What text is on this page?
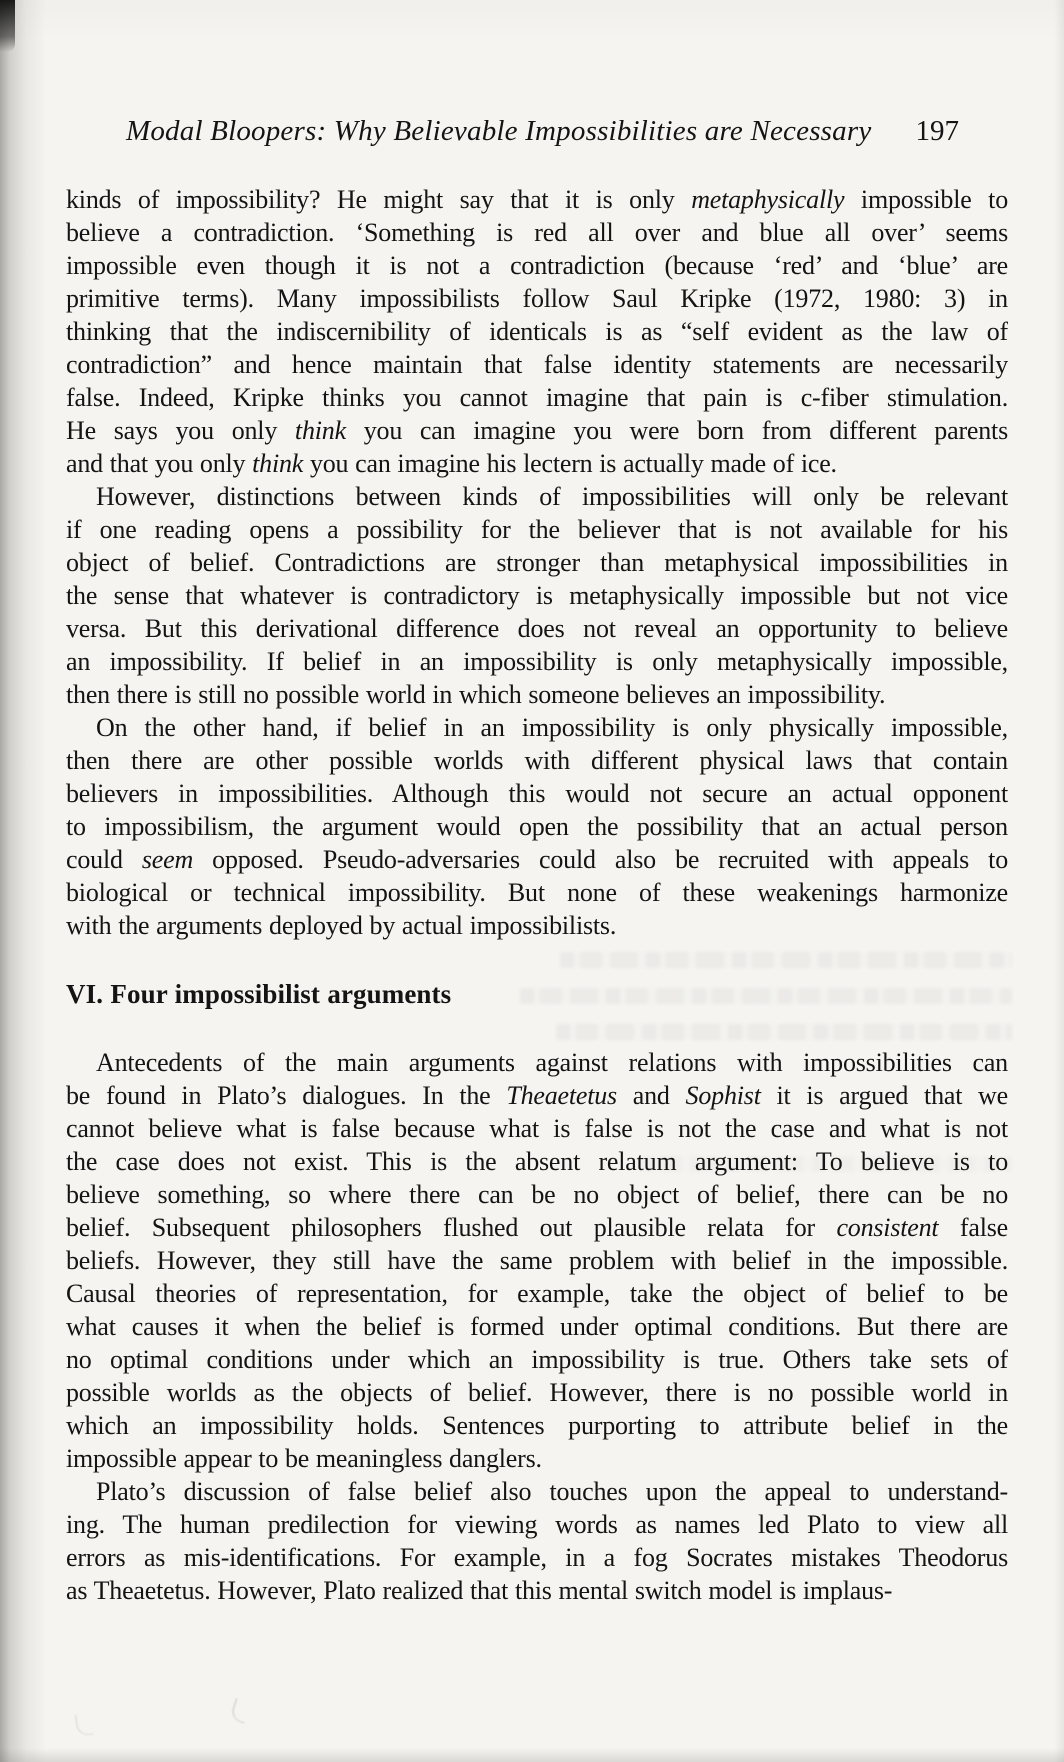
Modal Bloopers: Why Believable Impossibilities are Necessary 197
kinds of impossibility? He might say that it is only metaphysically impossible to
believe a contradiction. ‘Something is red all over and blue all over’ seems
impossible even though it is not a contradiction (because ‘red’ and ‘blue’ are
primitive terms). Many impossibilists follow Saul Kripke (1972, 1980: 3) in
thinking that the indiscernibility of identicals is as “self evident as the law of
contradiction” and hence maintain that false identity statements are necessarily
false. Indeed, Kripke thinks you cannot imagine that pain is c-fiber stimulation.
He says you only think you can imagine you were born from different parents
and that you only think you can imagine his lectern is actually made of ice.
However, distinctions between kinds of impossibilities will only be relevant
if one reading opens a possibility for the believer that is not available for his
object of belief. Contradictions are stronger than metaphysical impossibilities in
the sense that whatever is contradictory is metaphysically impossible but not vice
versa. But this derivational difference does not reveal an opportunity to believe
an impossibility. If belief in an impossibility is only metaphysically impossible,
then there is still no possible world in which someone believes an impossibility.
On the other hand, if belief in an impossibility is only physically impossible,
then there are other possible worlds with different physical laws that contain
believers in impossibilities. Although this would not secure an actual opponent
to impossibilism, the argument would open the possibility that an actual person
could seem opposed. Pseudo-adversaries could also be recruited with appeals to
biological or technical impossibility. But none of these weakenings harmonize
with the arguments deployed by actual impossibilists.
VI. Four impossibilist arguments
Antecedents of the main arguments against relations with impossibilities can
be found in Plato’s dialogues. In the Theaetetus and Sophist it is argued that we
cannot believe what is false because what is false is not the case and what is not
the case does not exist. This is the absent relatum argument: To believe is to
believe something, so where there can be no object of belief, there can be no
belief. Subsequent philosophers flushed out plausible relata for consistent false
beliefs. However, they still have the same problem with belief in the impossible.
Causal theories of representation, for example, take the object of belief to be
what causes it when the belief is formed under optimal conditions. But there are
no optimal conditions under which an impossibility is true. Others take sets of
possible worlds as the objects of belief. However, there is no possible world in
which an impossibility holds. Sentences purporting to attribute belief in the
impossible appear to be meaningless danglers.
Plato’s discussion of false belief also touches upon the appeal to understand-
ing. The human predilection for viewing words as names led Plato to view all
errors as mis-identifications. For example, in a fog Socrates mistakes Theodorus
as Theaetetus. However, Plato realized that this mental switch model is implaus-
